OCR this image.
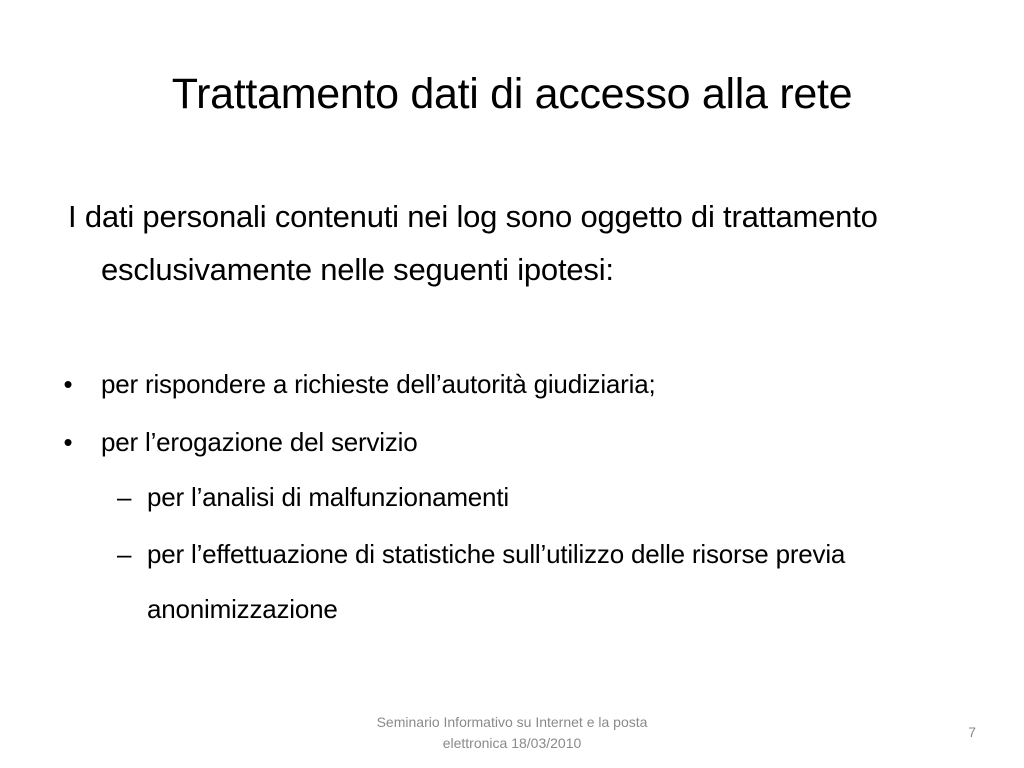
Trattamento dati di accesso alla rete
I dati personali contenuti nei log sono oggetto di trattamento esclusivamente nelle seguenti ipotesi:
• per rispondere a richieste dell’autorità giudiziaria;
• per l’erogazione del servizio
– per l’analisi di malfunzionamenti
– per l’effettuazione di statistiche sull’utilizzo delle risorse previa anonimizzazione
Seminario Informativo su Internet e la posta elettronica 18/03/2010
7
